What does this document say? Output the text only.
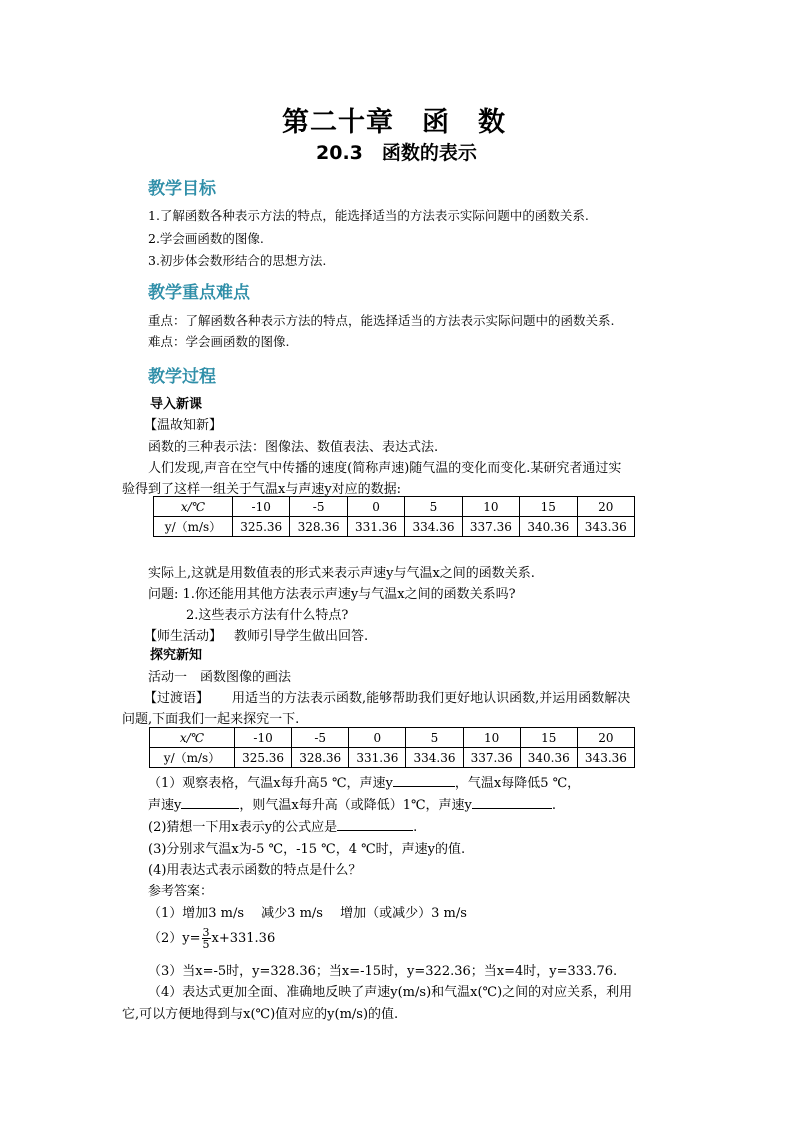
第二十章　函　数
20.3　函数的表示
教学目标
1.了解函数各种表示方法的特点，能选择适当的方法表示实际问题中的函数关系.
2.学会画函数的图像.
3.初步体会数形结合的思想方法.
教学重点难点
重点：了解函数各种表示方法的特点，能选择适当的方法表示实际问题中的函数关系.
难点：学会画函数的图像.
教学过程
导入新课
【温故知新】
函数的三种表示法：图像法、数值表法、表达式法.
人们发现,声音在空气中传播的速度(简称声速)随气温的变化而变化.某研究者通过实
验得到了这样一组关于气温x与声速y对应的数据:
x/℃	-10	-5	0	5	10	15	20
y/（m/s）	325.36	328.36	331.36	334.36	337.36	340.36	343.36
实际上,这就是用数值表的形式来表示声速y与气温x之间的函数关系.
问题: 1.你还能用其他方法表示声速y与气温x之间的函数关系吗?
2.这些表示方法有什么特点?
【师生活动】 教师引导学生做出回答.
探究新知
活动一　函数图像的画法
【过渡语】 用适当的方法表示函数,能够帮助我们更好地认识函数,并运用函数解决
问题,下面我们一起来探究一下.
x/℃	-10	-5	0	5	10	15	20
y/（m/s）	325.36	328.36	331.36	334.36	337.36	340.36	343.36
（1）观察表格，气温x每升高5 ℃，声速y	，气温x每降低5 ℃，
声速y	，则气温x每升高（或降低）1℃，声速y	.
(2)猜想一下用x表示y的公式应是	.
(3)分别求气温x为-5 ℃，-15 ℃，4 ℃时，声速y的值.
(4)用表达式表示函数的特点是什么？
参考答案：
（1）增加3 m/s　 减少3 m/s　 增加（或减少）3 m/s
$(2)y= \frac{3}{5} x+331.36$
（3）当x=-5时，y=328.36；当x=-15时，y=322.36；当x=4时，y=333.76.
（4）表达式更加全面、准确地反映了声速y(m/s)和气温x(℃)之间的对应关系，利用
它,可以方便地得到与x(℃)值对应的y(m/s)的值.
